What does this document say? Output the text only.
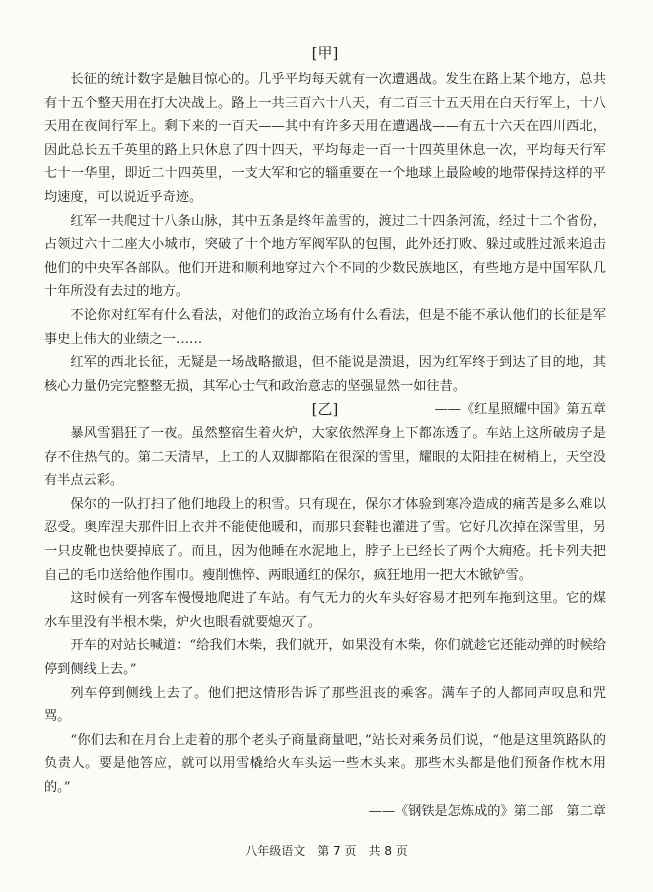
[甲]

长征的统计数字是触目惊心的。几乎平均每天就有一次遭遇战。发生在路上某个地方，总共有十五个整天用在打大决战上。路上一共三百六十八天，有二百三十五天用在白天行军上，十八天用在夜间行军上。剩下来的一百天——其中有许多天用在遭遇战——有五十六天在四川西北，因此总长五千英里的路上只休息了四十四天，平均每走一百一十四英里休息一次，平均每天行军七十一华里，即近二十四英里，一支大军和它的辎重要在一个地球上最险峻的地带保持这样的平均速度，可以说近乎奇迹。

红军一共爬过十八条山脉，其中五条是终年盖雪的，渡过二十四条河流，经过十二个省份，占领过六十二座大小城市，突破了十个地方军阀军队的包围，此外还打败、躲过或胜过派来追击他们的中央军各部队。他们开进和顺利地穿过六个不同的少数民族地区，有些地方是中国军队几十年所没有去过的地方。

不论你对红军有什么看法，对他们的政治立场有什么看法，但是不能不承认他们的长征是军事史上伟大的业绩之一……

红军的西北长征，无疑是一场战略撤退，但不能说是溃退，因为红军终于到达了目的地，其核心力量仍完完整整无损，其军心士气和政治意志的坚强显然一如往昔。

——《红星照耀中国》第五章

[乙]

暴风雪猖狂了一夜。虽然整宿生着火炉，大家依然浑身上下都冻透了。车站上这所破房子是存不住热气的。第二天清早，上工的人双脚都陷在很深的雪里，耀眼的太阳挂在树梢上，天空没有半点云彩。

保尔的一队打扫了他们地段上的积雪。只有现在，保尔才体验到寒冷造成的痛苦是多么难以忍受。奥库涅夫那件旧上衣并不能使他暖和，而那只套鞋也灌进了雪。它好几次掉在深雪里，另一只皮靴也快要掉底了。而且，因为他睡在水泥地上，脖子上已经长了两个大痈疮。托卡列夫把自己的毛巾送给他作围巾。瘦削憔悴、两眼通红的保尔，疯狂地用一把大木锨铲雪。

这时候有一列客车慢慢地爬进了车站。有气无力的火车头好容易才把列车拖到这里。它的煤水车里没有半根木柴，炉火也眼看就要熄灭了。

开车的对站长喊道：“给我们木柴，我们就开，如果没有木柴，你们就趁它还能动弹的时候给停到侧线上去。”

列车停到侧线上去了。他们把这情形告诉了那些沮丧的乘客。满车子的人都同声叹息和咒骂。

“你们去和在月台上走着的那个老头子商量商量吧，”站长对乘务员们说，“他是这里筑路队的负责人。要是他答应，就可以用雪橇给火车头运一些木头来。那些木头都是他们预备作枕木用的。”

——《钢铁是怎炼成的》第二部　第二章

八年级语文　第 7 页　共 8 页
